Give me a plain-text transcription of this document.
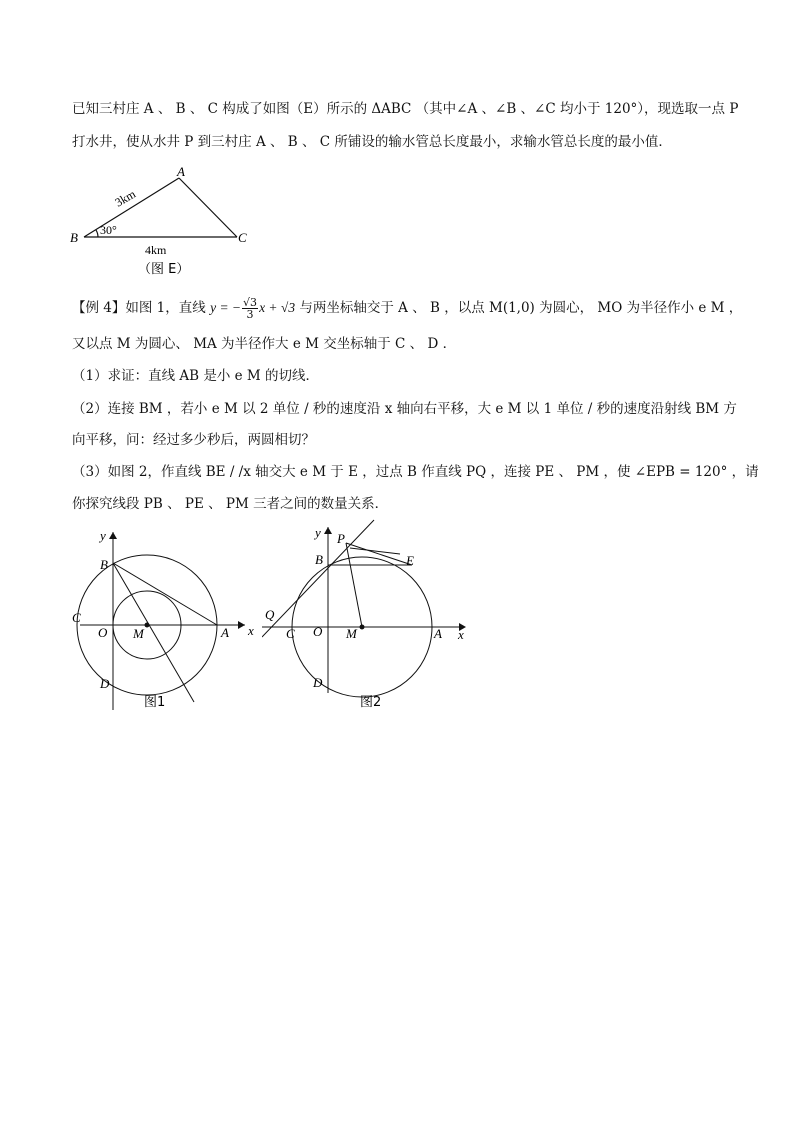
已知三村庄 A 、 B 、 C 构成了如图（E）所示的 ΔABC （其中∠A 、∠B 、∠C 均小于 120°），现选取一点 P
打水井，使从水井 P 到三村庄 A 、 B 、 C 所铺设的输水管总长度最小，求输水管总长度的最小值．
A
B	C
3km
30°
4km
（图 E）
【例 4】如图 1，直线 y = − $\frac{√3}{3}$ x + √3 与两坐标轴交于 A 、 B ，以点 M(1,0) 为圆心， MO 为半径作小 e M ，
又以点 M 为圆心、 MA 为半径作大 e M 交坐标轴于 C 、 D ．
（1）求证：直线 AB 是小 e M 的切线．
（2）连接 BM ，若小 e M 以 2 单位 / 秒的速度沿 x 轴向右平移，大 e M 以 1 单位 / 秒的速度沿射线 BM 方
向平移，问：经过多少秒后，两圆相切？
（3）如图 2，作直线 BE / /x 轴交大 e M 于 E ，过点 B 作直线 PQ ，连接 PE 、 PM ，使 ∠EPB = 120° ，请
你探究线段 PB 、 PE 、 PM 三者之间的数量关系．
y
x
B
C
O M	A
D
图1
y
x
P
B	E
Q
C O M	A
D
图2
